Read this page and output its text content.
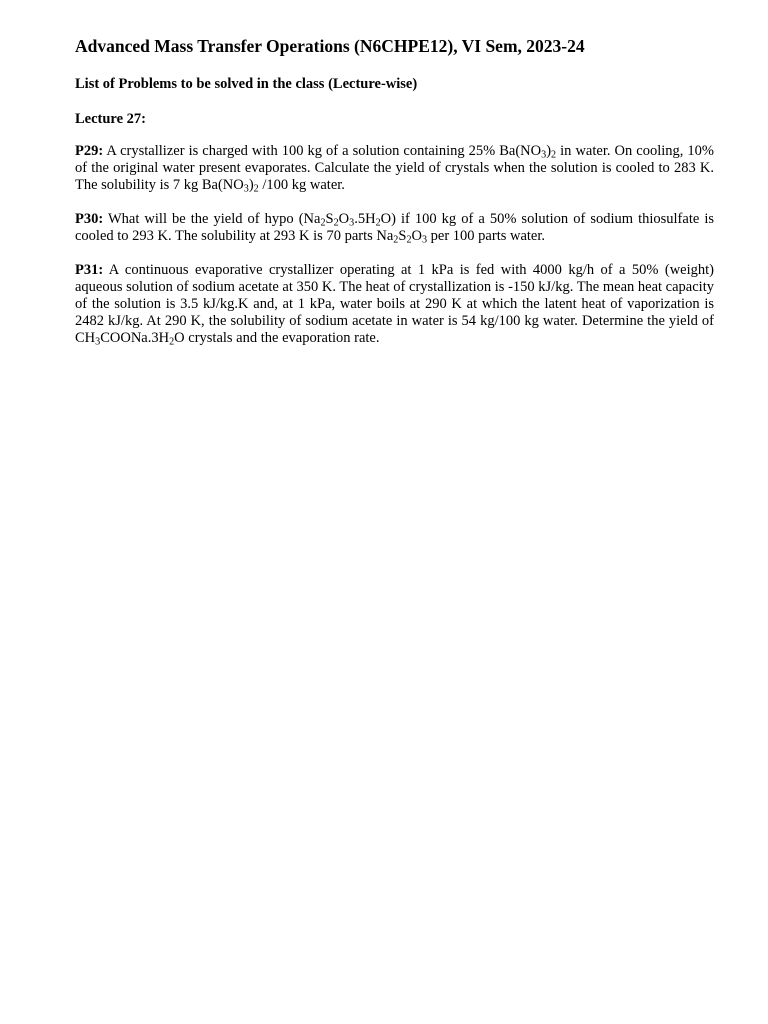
Advanced Mass Transfer Operations (N6CHPE12), VI Sem, 2023-24
List of Problems to be solved in the class (Lecture-wise)
Lecture 27:
P29: A crystallizer is charged with 100 kg of a solution containing 25% $Ba(NO_3)_2$ in water. On cooling, 10% of the original water present evaporates. Calculate the yield of crystals when the solution is cooled to 283 K. The solubility is 7 kg $Ba(NO_3)_2$ /100 kg water.
P30: What will be the yield of hypo $(Na_2S_2O_3.5H_2O)$ if 100 kg of a 50% solution of sodium thiosulfate is cooled to 293 K. The solubility at 293 K is 70 parts $Na_2S_2O_3$ per 100 parts water.
P31: A continuous evaporative crystallizer operating at 1 kPa is fed with 4000 kg/h of a 50% (weight) aqueous solution of sodium acetate at 350 K. The heat of crystallization is -150 kJ/kg. The mean heat capacity of the solution is 3.5 kJ/kg.K and, at 1 kPa, water boils at 290 K at which the latent heat of vaporization is 2482 kJ/kg. At 290 K, the solubility of sodium acetate in water is 54 kg/100 kg water. Determine the yield of $CH_3COONa.3H_2O$ crystals and the evaporation rate.
